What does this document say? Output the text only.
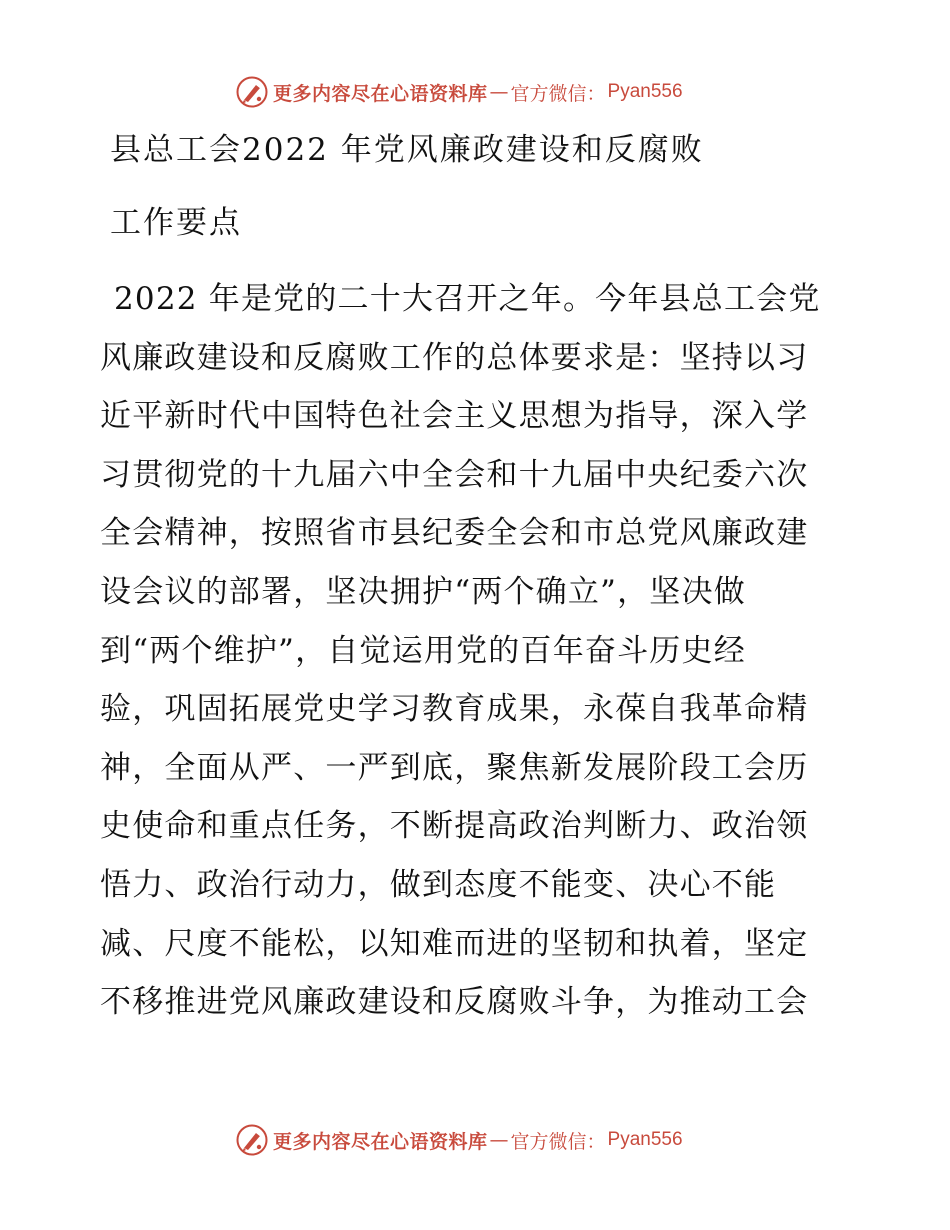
更多内容尽在心语资料库 — 官方微信： Pyan556
县总工会2022 年党风廉政建设和反腐败
工作要点
2022 年是党的二十大召开之年。今年县总工会党
风廉政建设和反腐败工作的总体要求是：坚持以习
近平新时代中国特色社会主义思想为指导，深入学
习贯彻党的十九届六中全会和十九届中央纪委六次
全会精神，按照省市县纪委全会和市总党风廉政建
设会议的部署，坚决拥护“两个确立”，坚决做
到“两个维护”，自觉运用党的百年奋斗历史经
验，巩固拓展党史学习教育成果，永葆自我革命精
神，全面从严、一严到底，聚焦新发展阶段工会历
史使命和重点任务，不断提高政治判断力、政治领
悟力、政治行动力，做到态度不能变、决心不能
减、尺度不能松，以知难而进的坚韧和执着，坚定
不移推进党风廉政建设和反腐败斗争，为推动工会
更多内容尽在心语资料库 — 官方微信： Pyan556
